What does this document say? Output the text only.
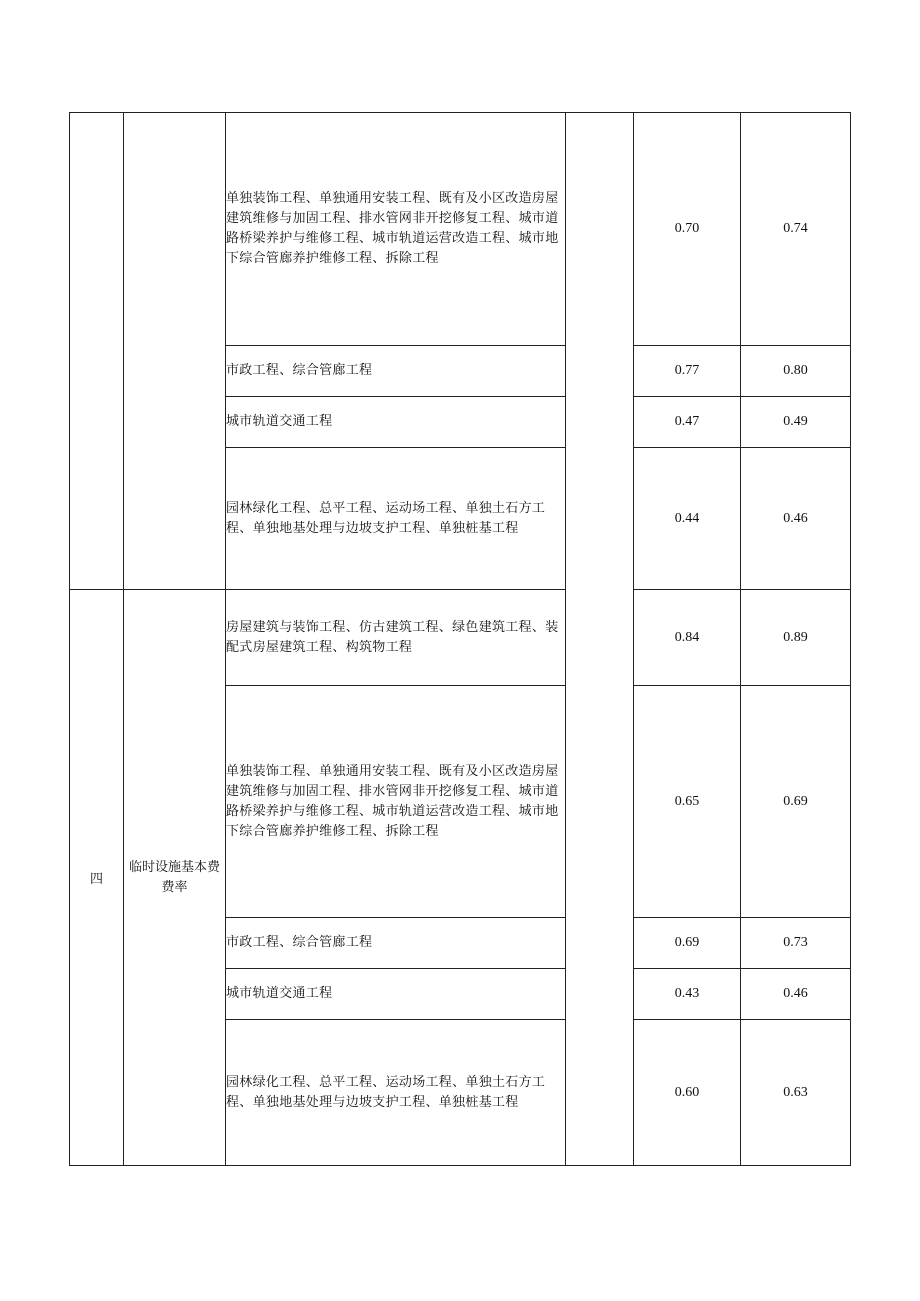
		单独装饰工程、单独通用安装工程、既有及小区改造房屋建筑维修与加固工程、排水管网非开挖修复工程、城市道路桥梁养护与维修工程、城市轨道运营改造工程、城市地下综合管廊养护维修工程、拆除工程		0.70	0.74
		市政工程、综合管廊工程		0.77	0.80
		城市轨道交通工程		0.47	0.49
		园林绿化工程、总平工程、运动场工程、单独土石方工程、单独地基处理与边坡支护工程、单独桩基工程		0.44	0.46
四	临时设施基本费费率	房屋建筑与装饰工程、仿古建筑工程、绿色建筑工程、装配式房屋建筑工程、构筑物工程		0.84	0.89
		单独装饰工程、单独通用安装工程、既有及小区改造房屋建筑维修与加固工程、排水管网非开挖修复工程、城市道路桥梁养护与维修工程、城市轨道运营改造工程、城市地下综合管廊养护维修工程、拆除工程		0.65	0.69
		市政工程、综合管廊工程		0.69	0.73
		城市轨道交通工程		0.43	0.46
		园林绿化工程、总平工程、运动场工程、单独土石方工程、单独地基处理与边坡支护工程、单独桩基工程		0.60	0.63
